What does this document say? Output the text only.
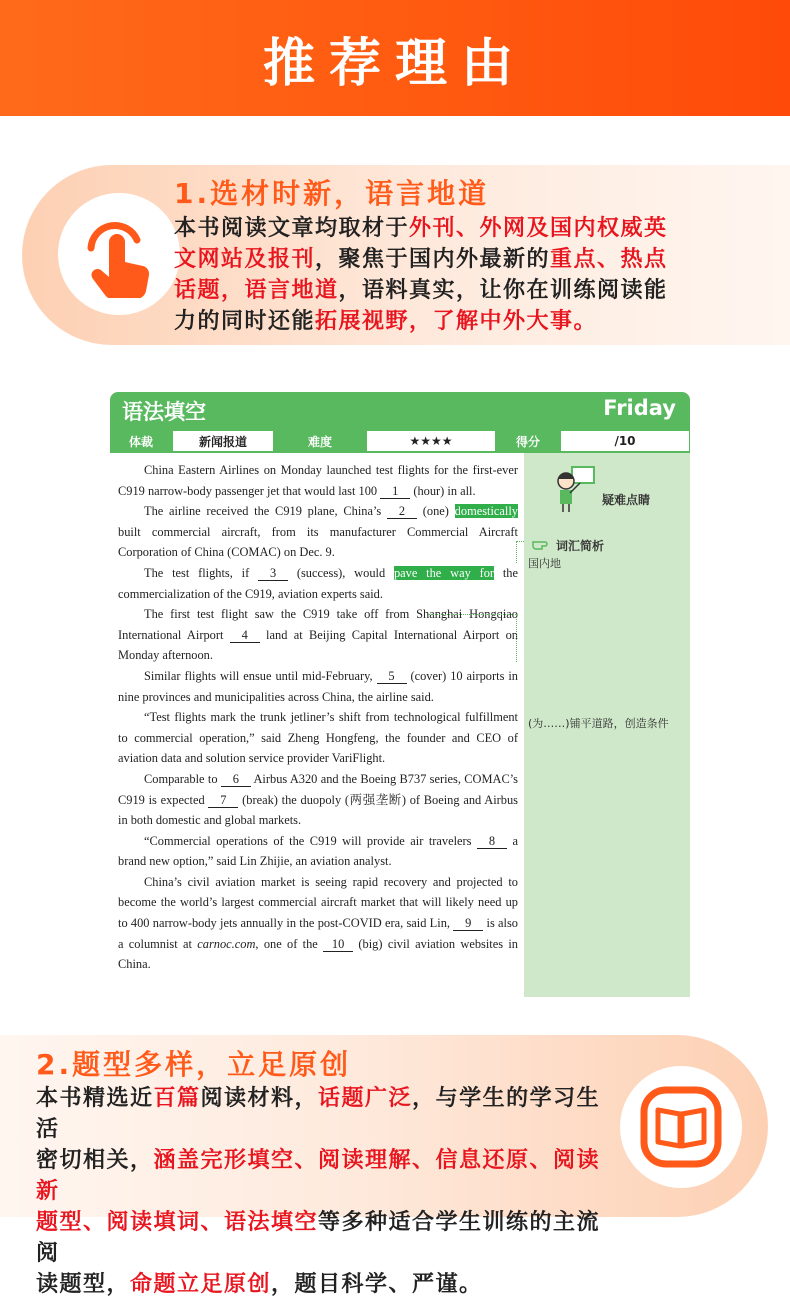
推荐理由
1.选材时新，语言地道
本书阅读文章均取材于外刊、外网及国内权威英
文网站及报刊，聚焦于国内外最新的重点、热点
话题，语言地道，语料真实，让你在训练阅读能
力的同时还能拓展视野，了解中外大事。
语法填空	Friday
体裁	新闻报道	难度	★★★★	得分	/10

China Eastern Airlines on Monday launched test flights for the first-ever C919 narrow-body passenger jet that would last 100 1 (hour) in all.

The airline received the C919 plane, China’s 2 (one) domestically built commercial aircraft, from its manufacturer Commercial Aircraft Corporation of China (COMAC) on Dec. 9.

The test flights, if 3 (success), would pave the way for the commercialization of the C919, aviation experts said.

The first test flight saw the C919 take off from Shanghai Hongqiao International Airport 4 land at Beijing Capital International Airport on Monday afternoon.

Similar flights will ensue until mid-February, 5 (cover) 10 airports in nine provinces and municipalities across China, the airline said.

“Test flights mark the trunk jetliner’s shift from technological fulfillment to commercial operation,” said Zheng Hongfeng, the founder and CEO of aviation data and solution service provider VariFlight.

Comparable to 6 Airbus A320 and the Boeing B737 series, COMAC’s C919 is expected 7 (break) the duopoly (两强垄断) of Boeing and Airbus in both domestic and global markets.

“Commercial operations of the C919 will provide air travelers 8 a brand new option,” said Lin Zhijie, an aviation analyst.

China’s civil aviation market is seeing rapid recovery and projected to become the world’s largest commercial aircraft market that will likely need up to 400 narrow-body jets annually in the post-COVID era, said Lin, 9 is also a columnist at carnoc.com, one of the 10 (big) civil aviation websites in China.

疑难点睛
词汇简析
国内地
(为……)铺平道路，创造条件
2.题型多样，立足原创
本书精选近百篇阅读材料，话题广泛，与学生的学习生活
密切相关，涵盖完形填空、阅读理解、信息还原、阅读新
题型、阅读填词、语法填空等多种适合学生训练的主流阅
读题型，命题立足原创，题目科学、严谨。
